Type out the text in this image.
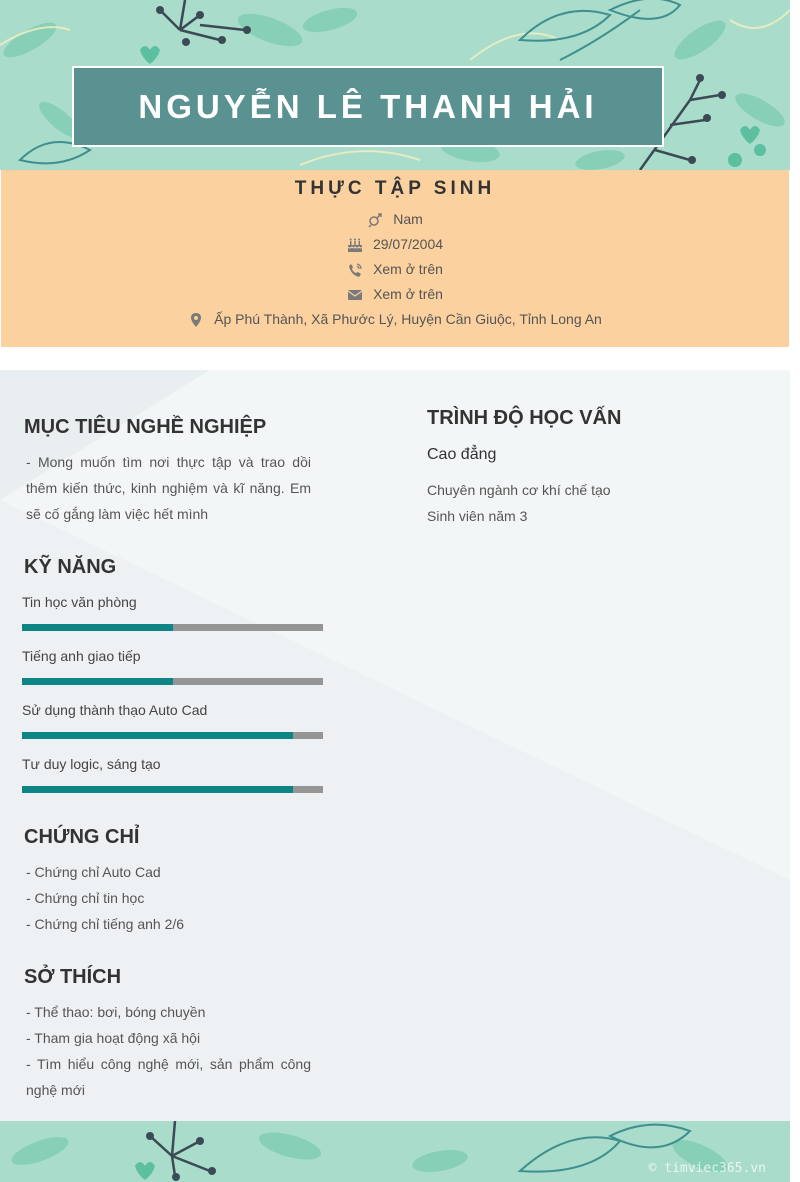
NGUYỄN LÊ THANH HẢI
THỰC TẬP SINH
Nam
29/07/2004
Xem ở trên
Xem ở trên
Ấp Phú Thành, Xã Phước Lý, Huyện Cần Giuộc, Tỉnh Long An
MỤC TIÊU NGHỀ NGHIỆP
- Mong muốn tìm nơi thực tập và trao dồi thêm kiến thức, kinh nghiệm và kĩ năng. Em sẽ cố gắng làm việc hết mình
KỸ NĂNG
Tin học văn phòng
Tiếng anh giao tiếp
Sử dụng thành thạo Auto Cad
Tư duy logic, sáng tạo
CHỨNG CHỈ
- Chứng chỉ Auto Cad
- Chứng chỉ tin học
- Chứng chỉ tiếng anh 2/6
SỞ THÍCH
- Thể thao: bơi, bóng chuyền
- Tham gia hoạt động xã hội
- Tìm hiểu công nghệ mới, sản phẩm công nghệ mới
TRÌNH ĐỘ HỌC VẤN
Cao đẳng
Chuyên ngành cơ khí chế tạo
Sinh viên năm 3
© timviec365.vn
